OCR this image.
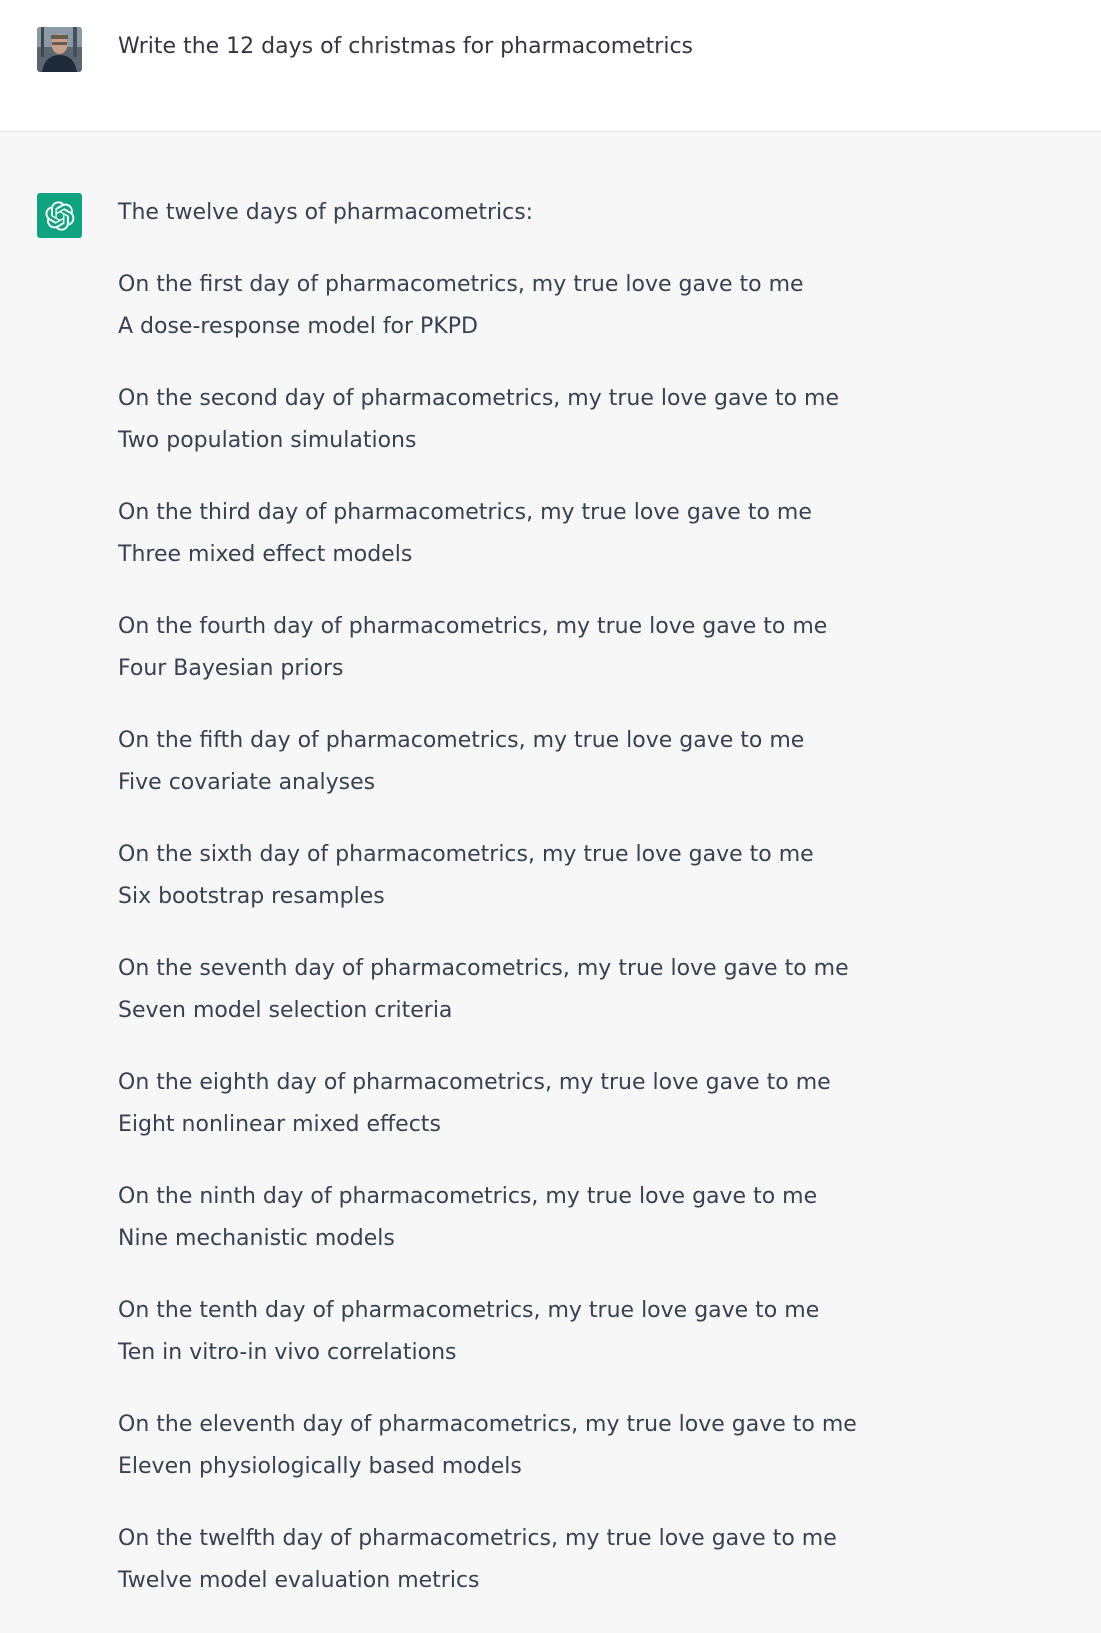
Write the 12 days of christmas for pharmacometrics
The twelve days of pharmacometrics:
On the first day of pharmacometrics, my true love gave to me
A dose-response model for PKPD
On the second day of pharmacometrics, my true love gave to me
Two population simulations
On the third day of pharmacometrics, my true love gave to me
Three mixed effect models
On the fourth day of pharmacometrics, my true love gave to me
Four Bayesian priors
On the fifth day of pharmacometrics, my true love gave to me
Five covariate analyses
On the sixth day of pharmacometrics, my true love gave to me
Six bootstrap resamples
On the seventh day of pharmacometrics, my true love gave to me
Seven model selection criteria
On the eighth day of pharmacometrics, my true love gave to me
Eight nonlinear mixed effects
On the ninth day of pharmacometrics, my true love gave to me
Nine mechanistic models
On the tenth day of pharmacometrics, my true love gave to me
Ten in vitro-in vivo correlations
On the eleventh day of pharmacometrics, my true love gave to me
Eleven physiologically based models
On the twelfth day of pharmacometrics, my true love gave to me
Twelve model evaluation metrics
